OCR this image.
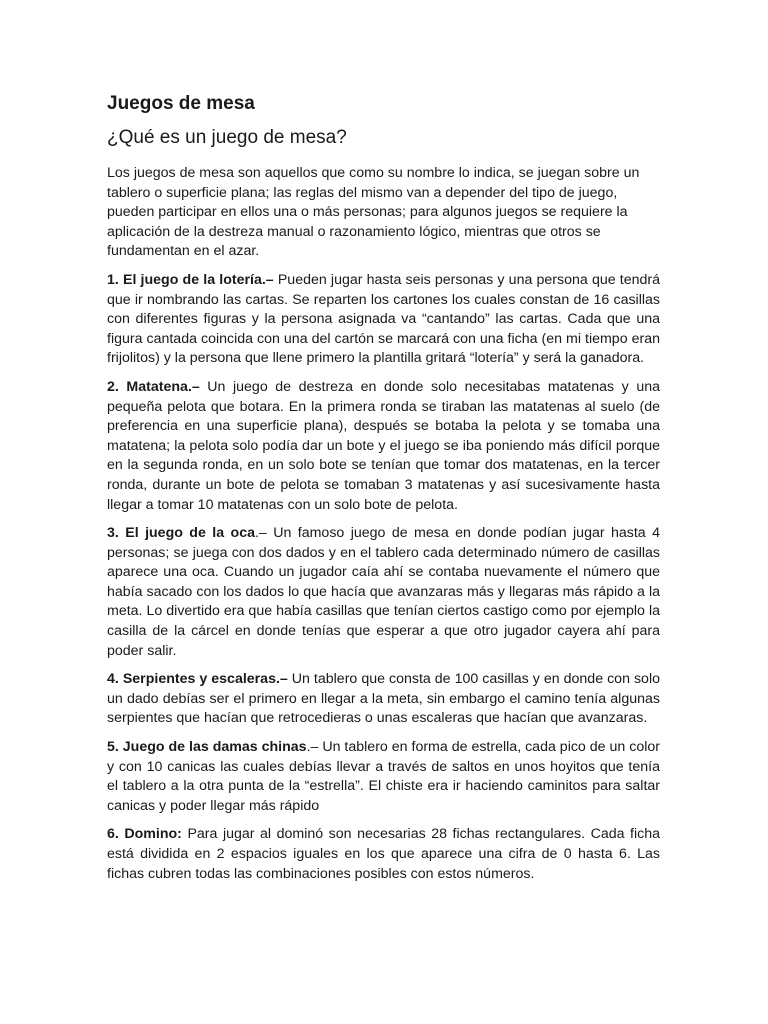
Juegos de mesa
¿Qué es un juego de mesa?

Los juegos de mesa son aquellos que como su nombre lo indica, se juegan sobre un tablero o superficie plana; las reglas del mismo van a depender del tipo de juego, pueden participar en ellos una o más personas; para algunos juegos se requiere la aplicación de la destreza manual o razonamiento lógico, mientras que otros se fundamentan en el azar.

1. El juego de la lotería.– Pueden jugar hasta seis personas y una persona que tendrá que ir nombrando las cartas. Se reparten los cartones los cuales constan de 16 casillas con diferentes figuras y la persona asignada va “cantando” las cartas. Cada que una figura cantada coincida con una del cartón se marcará con una ficha (en mi tiempo eran frijolitos) y la persona que llene primero la plantilla gritará “lotería” y será la ganadora.

2. Matatena.– Un juego de destreza en donde solo necesitabas matatenas y una pequeña pelota que botara. En la primera ronda se tiraban las matatenas al suelo (de preferencia en una superficie plana), después se botaba la pelota y se tomaba una matatena; la pelota solo podía dar un bote y el juego se iba poniendo más difícil porque en la segunda ronda, en un solo bote se tenían que tomar dos matatenas, en la tercer ronda, durante un bote de pelota se tomaban 3 matatenas y así sucesivamente hasta llegar a tomar 10 matatenas con un solo bote de pelota.

3. El juego de la oca.– Un famoso juego de mesa en donde podían jugar hasta 4 personas; se juega con dos dados y en el tablero cada determinado número de casillas aparece una oca. Cuando un jugador caía ahí se contaba nuevamente el número que había sacado con los dados lo que hacía que avanzaras más y llegaras más rápido a la meta. Lo divertido era que había casillas que tenían ciertos castigo como por ejemplo la casilla de la cárcel en donde tenías que esperar a que otro jugador cayera ahí para poder salir.

4. Serpientes y escaleras.– Un tablero que consta de 100 casillas y en donde con solo un dado debías ser el primero en llegar a la meta, sin embargo el camino tenía algunas serpientes que hacían que retrocedieras o unas escaleras que hacían que avanzaras.

5. Juego de las damas chinas.– Un tablero en forma de estrella, cada pico de un color y con 10 canicas las cuales debías llevar a través de saltos en unos hoyitos que tenía el tablero a la otra punta de la “estrella”. El chiste era ir haciendo caminitos para saltar canicas y poder llegar más rápido

6. Domino: Para jugar al dominó son necesarias 28 fichas rectangulares. Cada ficha está dividida en 2 espacios iguales en los que aparece una cifra de 0 hasta 6. Las fichas cubren todas las combinaciones posibles con estos números.
